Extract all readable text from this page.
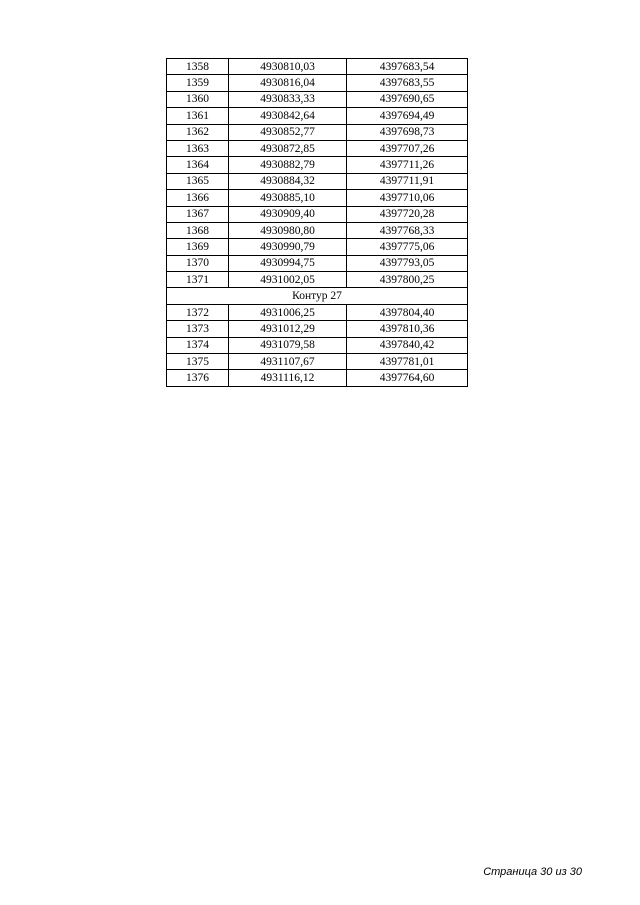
1358	4930810,03	4397683,54
1359	4930816,04	4397683,55
1360	4930833,33	4397690,65
1361	4930842,64	4397694,49
1362	4930852,77	4397698,73
1363	4930872,85	4397707,26
1364	4930882,79	4397711,26
1365	4930884,32	4397711,91
1366	4930885,10	4397710,06
1367	4930909,40	4397720,28
1368	4930980,80	4397768,33
1369	4930990,79	4397775,06
1370	4930994,75	4397793,05
1371	4931002,05	4397800,25
Контур 27		
1372	4931006,25	4397804,40
1373	4931012,29	4397810,36
1374	4931079,58	4397840,42
1375	4931107,67	4397781,01
1376	4931116,12	4397764,60
Страница 30 из 30
